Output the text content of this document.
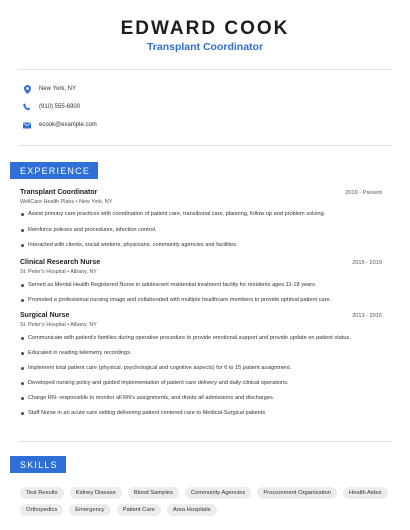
EDWARD COOK
Transplant Coordinator
New York, NY
(910) 555-6900
ecook@example.com
EXPERIENCE
Transplant Coordinator	2019 - Present
WellCare Health Plans • New York, NY
Assist primary care practices with coordination of patient care, transitional care, planning, follow up and problem solving.
Reinforce policies and procedures, infection control.
Interacted with clients, social workers, physicians, community agencies and facilities.
Clinical Research Nurse	2015 - 2019
St. Peter's Hospital • Albany, NY
Served as Mental Health Registered Nurse in adolescent residential treatment facility for residents ages 11-18 years.
Promoted a professional nursing image and collaborated with multiple healthcare members to provide optimal patient care.
Surgical Nurse	2013 - 2015
St. Peter's Hospital • Albany, NY
Communicate with patient's families during operative procedure to provide emotional support and provide update on patient status.
Educated in reading telemetry recordings.
Implement total patient care (physical, psychological and cognitive aspects) for 6 to 15 patient assignment.
Developed nursing policy and guided implementation of patient care delivery and daily clinical operations.
Charge RN- responsible to monitor all RN's assignments, and divide all admissions and discharges.
Staff Nurse in an acute care setting delivering patient centered care to Medical-Surgical patients
SKILLS
Test Results	Kidney Disease	Blood Samples	Community Agencies	Procurement Organization	Health Aides
Orthopedics	Emergency	Patient Care	Area Hospitals
